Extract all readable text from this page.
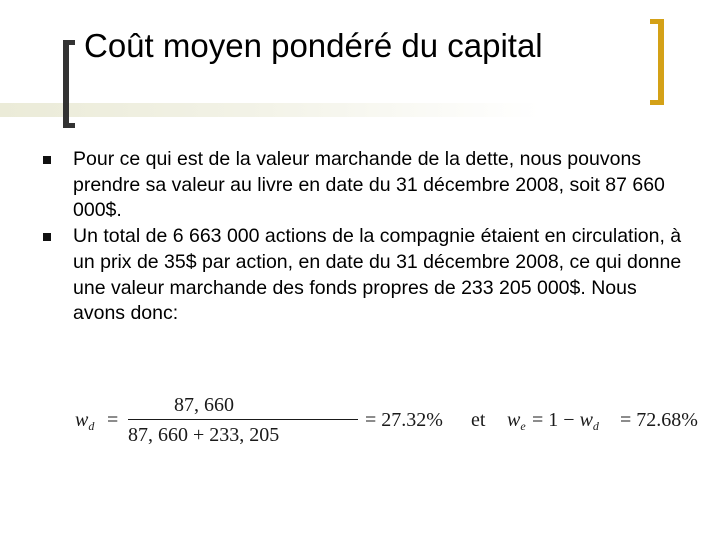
Coût moyen pondéré du capital
Pour ce qui est de la valeur marchande de la dette, nous pouvons prendre sa valeur au livre en date du 31 décembre 2008, soit 87 660 000$.
Un total de 6 663 000 actions de la compagnie étaient en circulation, à un prix de 35$ par action, en date du 31 décembre 2008, ce qui donne une valeur marchande des fonds propres de 233 205 000$. Nous avons donc:
$w_d$ =
87, 660
87, 660 + 233, 205
= 27.32% et $w_e = 1 - w_d = 72.68\%$
